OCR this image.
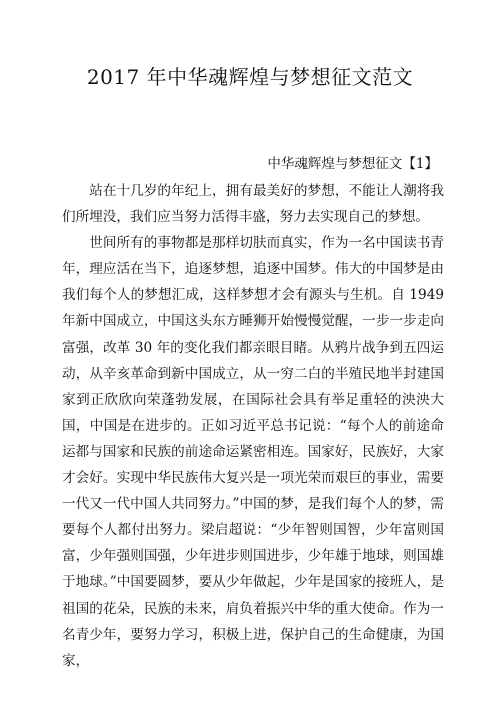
2017 年中华魂辉煌与梦想征文范文
中华魂辉煌与梦想征文【1】

站在十几岁的年纪上，拥有最美好的梦想，不能让人潮将我们所埋没，我们应当努力活得丰盛，努力去实现自己的梦想。

世间所有的事物都是那样切肤而真实，作为一名中国读书青年，理应活在当下，追逐梦想，追逐中国梦。伟大的中国梦是由我们每个人的梦想汇成，这样梦想才会有源头与生机。自 1949 年新中国成立，中国这头东方睡狮开始慢慢觉醒，一步一步走向富强，改革 30 年的变化我们都亲眼目睹。从鸦片战争到五四运动，从辛亥革命到新中国成立，从一穷二白的半殖民地半封建国家到正欣欣向荣蓬勃发展，在国际社会具有举足重轻的泱泱大国，中国是在进步的。正如习近平总书记说：“每个人的前途命运都与国家和民族的前途命运紧密相连。国家好，民族好，大家才会好。实现中华民族伟大复兴是一项光荣而艰巨的事业，需要一代又一代中国人共同努力。”中国的梦，是我们每个人的梦，需要每个人都付出努力。梁启超说：“少年智则国智，少年富则国富，少年强则国强，少年进步则国进步，少年雄于地球，则国雄于地球。”中国要圆梦，要从少年做起，少年是国家的接班人，是祖国的花朵，民族的未来，肩负着振兴中华的重大使命。作为一名青少年，要努力学习，积极上进，保护自己的生命健康，为国家，
